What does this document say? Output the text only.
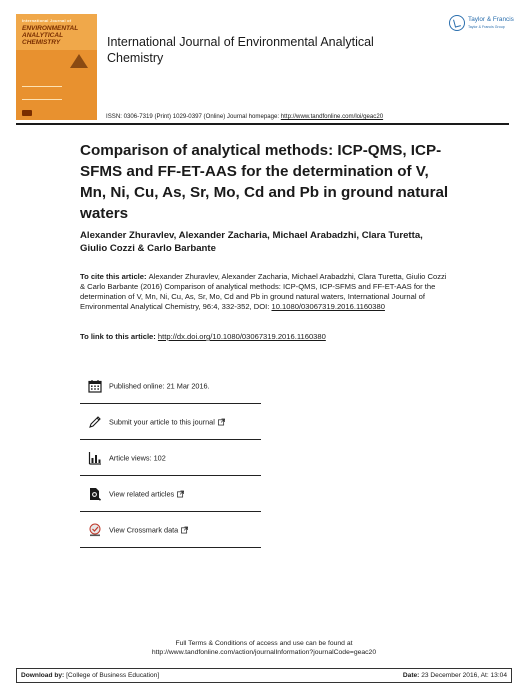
International Journal of
ENVIRONMENTAL ANALYTICAL CHEMISTRY	International Journal of Environmental Analytical Chemistry
Taylor & Francis
Taylor & Francis Group
ISSN: 0306-7319 (Print) 1029-0397 (Online) Journal homepage: http://www.tandfonline.com/loi/geac20
Comparison of analytical methods: ICP-QMS, ICP-SFMS and FF-ET-AAS for the determination of V, Mn, Ni, Cu, As, Sr, Mo, Cd and Pb in ground natural waters
Alexander Zhuravlev, Alexander Zacharia, Michael Arabadzhi, Clara Turetta, Giulio Cozzi & Carlo Barbante
To cite this article: Alexander Zhuravlev, Alexander Zacharia, Michael Arabadzhi, Clara Turetta, Giulio Cozzi & Carlo Barbante (2016) Comparison of analytical methods: ICP-QMS, ICP-SFMS and FF-ET-AAS for the determination of V, Mn, Ni, Cu, As, Sr, Mo, Cd and Pb in ground natural waters, International Journal of Environmental Analytical Chemistry, 96:4, 332-352, DOI: 10.1080/03067319.2016.1160380
To link to this article: http://dx.doi.org/10.1080/03067319.2016.1160380
Published online: 21 Mar 2016.
Submit your article to this journal
Article views: 102
View related articles
View Crossmark data
Full Terms & Conditions of access and use can be found at
http://www.tandfonline.com/action/journalInformation?journalCode=geac20
Download by: [College of Business Education]	Date: 23 December 2016, At: 13:04
